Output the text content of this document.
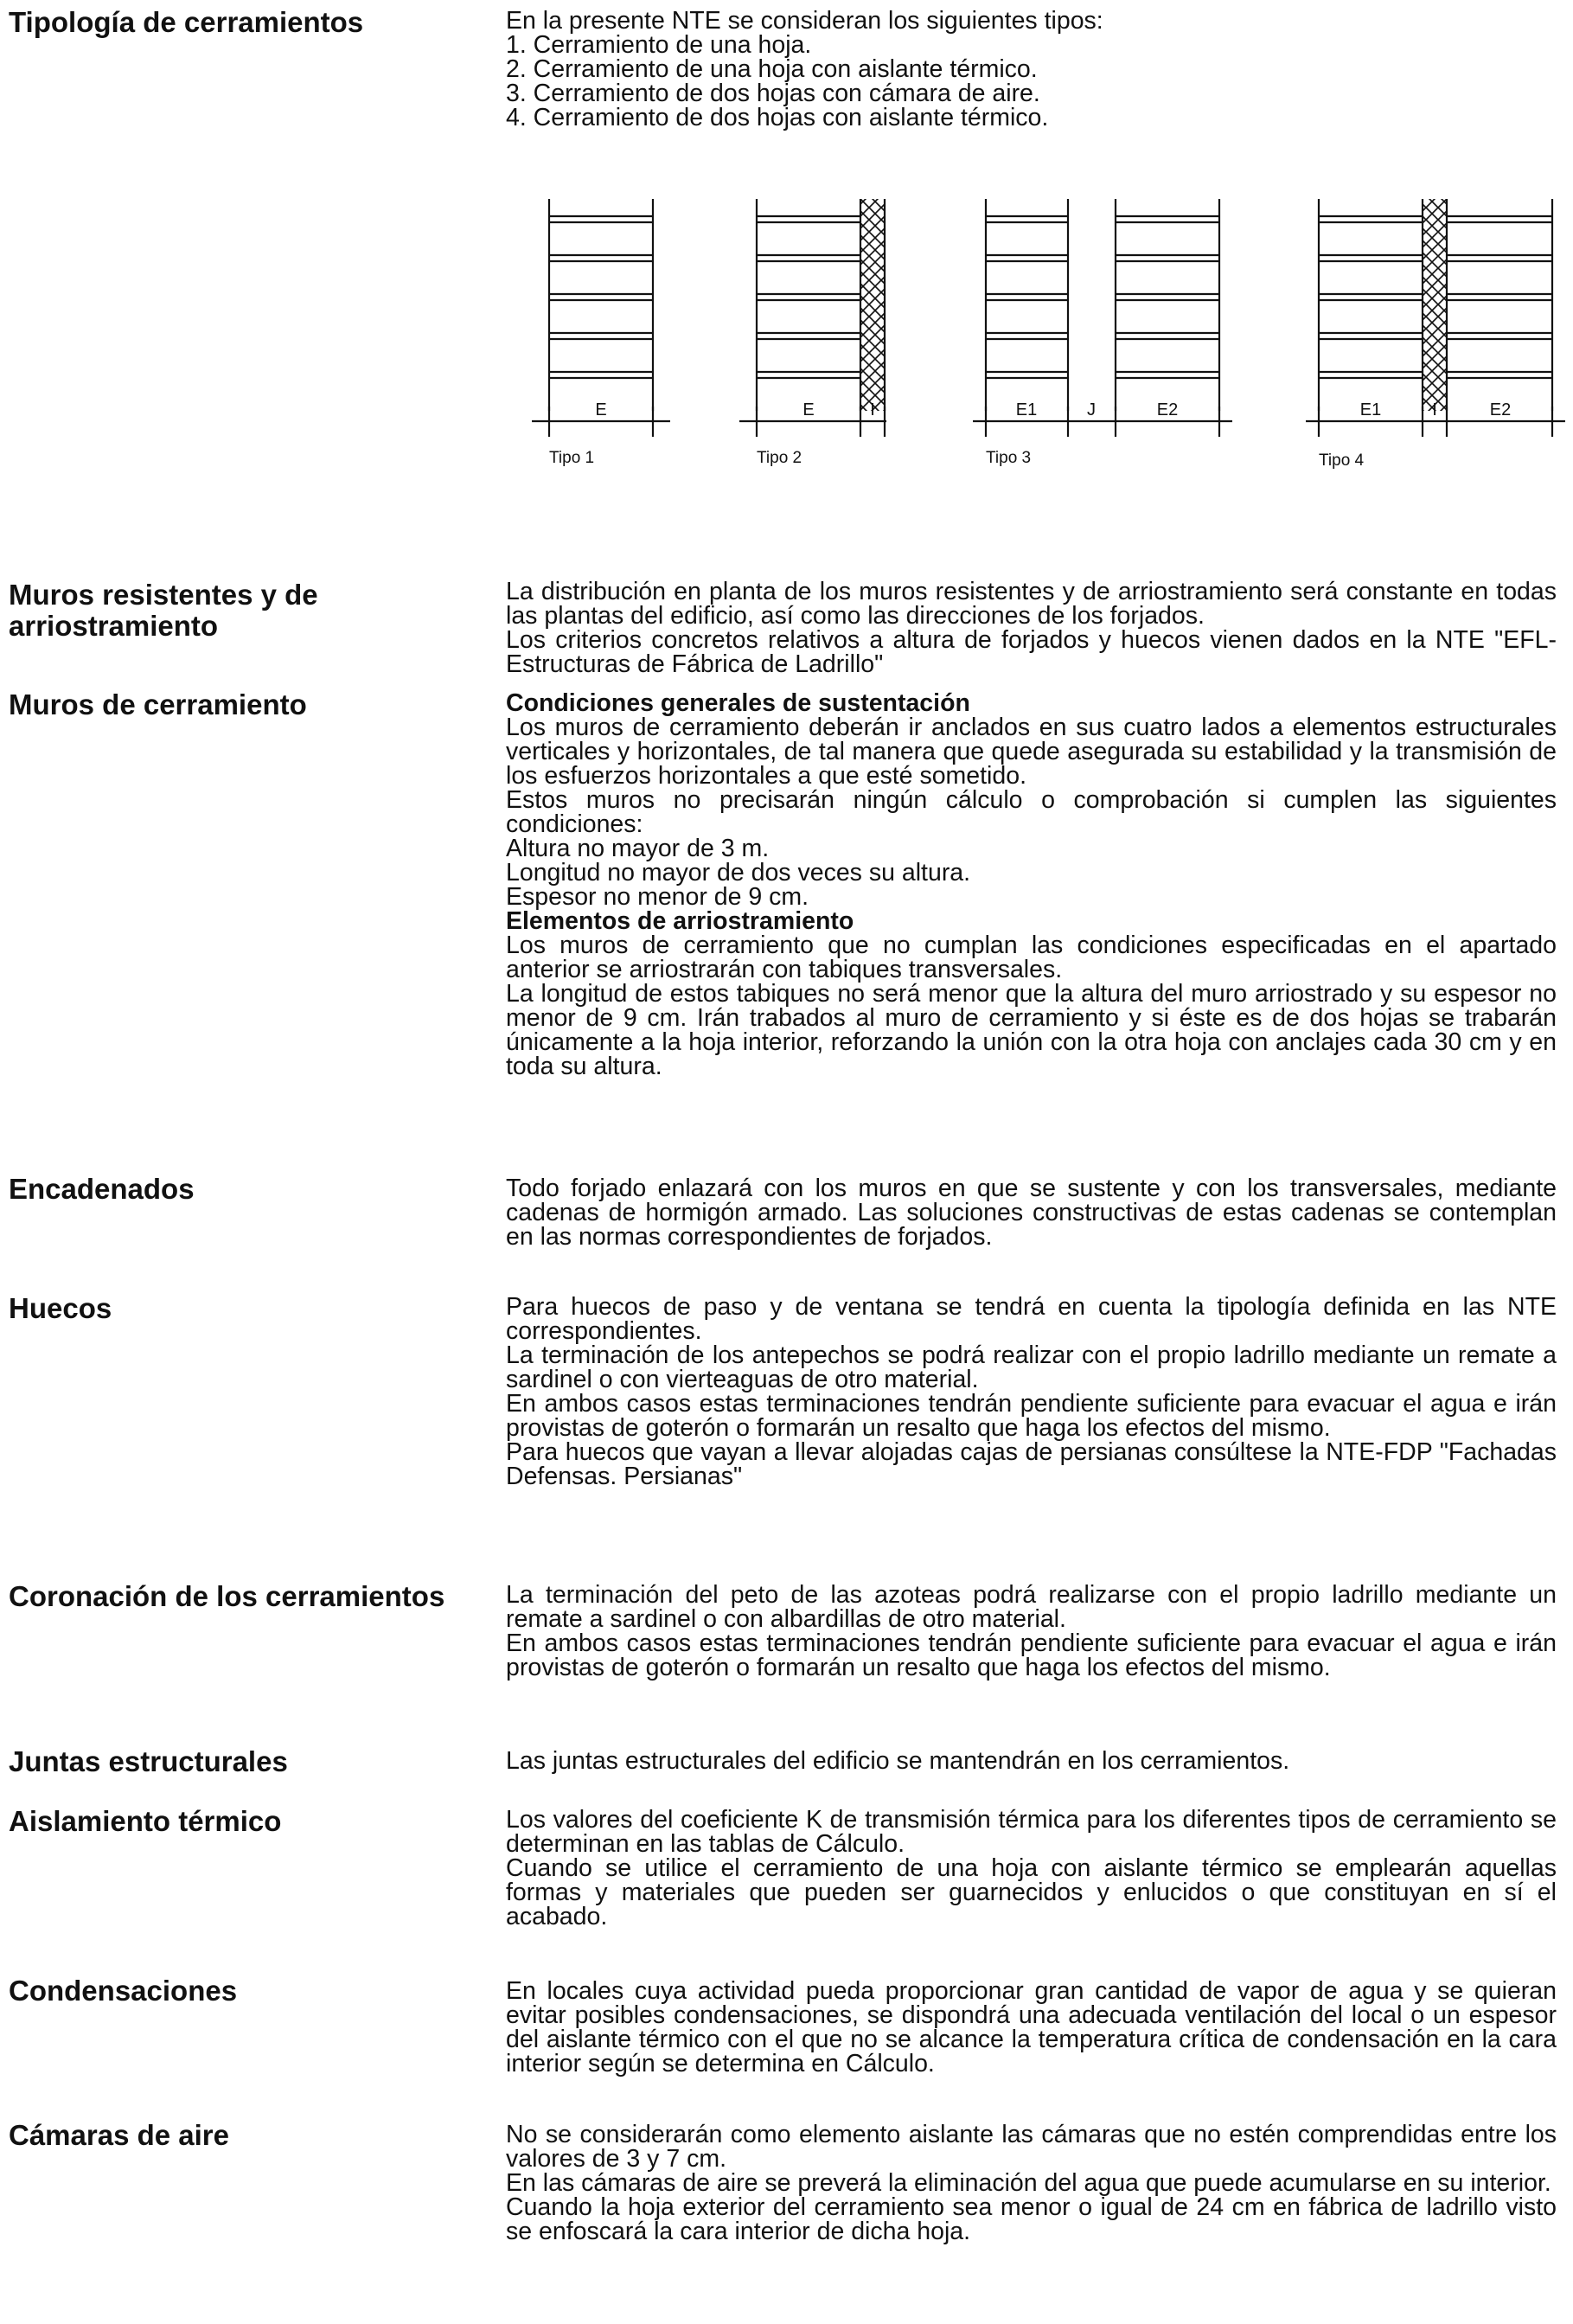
Tipología de cerramientos	En la presente NTE se consideran los siguientes tipos:

1. Cerramiento de una hoja.

2. Cerramiento de una hoja con aislante térmico.

3. Cerramiento de dos hojas con cámara de aire.

4. Cerramiento de dos hojas con aislante térmico.

E	E	I	E1	J	E2	E1	I	E2
Tipo 1	Tipo 2	Tipo 3	Tipo 4
Muros resistentes y de arriostramiento

La distribución en planta de los muros resistentes y de arriostramiento será constante en todas las plantas del edificio, así como las direcciones de los forjados.

Los criterios concretos relativos a altura de forjados y huecos vienen dados en la NTE "EFL-Estructuras de Fábrica de Ladrillo"

Muros de cerramiento	Condiciones generales de sustentación

Los muros de cerramiento deberán ir anclados en sus cuatro lados a elementos estructurales verticales y horizontales, de tal manera que quede asegurada su estabilidad y la transmisión de los esfuerzos horizontales a que esté sometido.

Estos muros no precisarán ningún cálculo o comprobación si cumplen las siguientes condiciones:

Altura no mayor de 3 m.

Longitud no mayor de dos veces su altura.

Espesor no menor de 9 cm.

Elementos de arriostramiento

Los muros de cerramiento que no cumplan las condiciones especificadas en el apartado anterior se arriostrarán con tabiques transversales.

La longitud de estos tabiques no será menor que la altura del muro arriostrado y su espesor no menor de 9 cm. Irán trabados al muro de cerramiento y si éste es de dos hojas se trabarán únicamente a la hoja interior, reforzando la unión con la otra hoja con anclajes cada 30 cm y en toda su altura.

Encadenados	Todo forjado enlazará con los muros en que se sustente y con los transversales, mediante cadenas de hormigón armado. Las soluciones constructivas de estas cadenas se contemplan en las normas correspondientes de forjados.

Huecos	Para huecos de paso y de ventana se tendrá en cuenta la tipología definida en las NTE correspondientes.

La terminación de los antepechos se podrá realizar con el propio ladrillo mediante un remate a sardinel o con vierteaguas de otro material.

En ambos casos estas terminaciones tendrán pendiente suficiente para evacuar el agua e irán provistas de goterón o formarán un resalto que haga los efectos del mismo.

Para huecos que vayan a llevar alojadas cajas de persianas consúltese la NTE-FDP "Fachadas Defensas. Persianas"

Coronación de los cerramientos	La terminación del peto de las azoteas podrá realizarse con el propio ladrillo mediante un remate a sardinel o con albardillas de otro material.

En ambos casos estas terminaciones tendrán pendiente suficiente para evacuar el agua e irán provistas de goterón o formarán un resalto que haga los efectos del mismo.

Juntas estructurales	Las juntas estructurales del edificio se mantendrán en los cerramientos.

Aislamiento térmico	Los valores del coeficiente K de transmisión térmica para los diferentes tipos de cerramiento se determinan en las tablas de Cálculo.

Cuando se utilice el cerramiento de una hoja con aislante térmico se emplearán aquellas formas y materiales que pueden ser guarnecidos y enlucidos o que constituyan en sí el acabado.

Condensaciones	En locales cuya actividad pueda proporcionar gran cantidad de vapor de agua y se quieran evitar posibles condensaciones, se dispondrá una adecuada ventilación del local o un espesor del aislante térmico con el que no se alcance la temperatura crítica de condensación en la cara interior según se determina en Cálculo.

Cámaras de aire	No se considerarán como elemento aislante las cámaras que no estén comprendidas entre los valores de 3 y 7 cm.

En las cámaras de aire se preverá la eliminación del agua que puede acumularse en su interior.

Cuando la hoja exterior del cerramiento sea menor o igual de 24 cm en fábrica de ladrillo visto se enfoscará la cara interior de dicha hoja.
